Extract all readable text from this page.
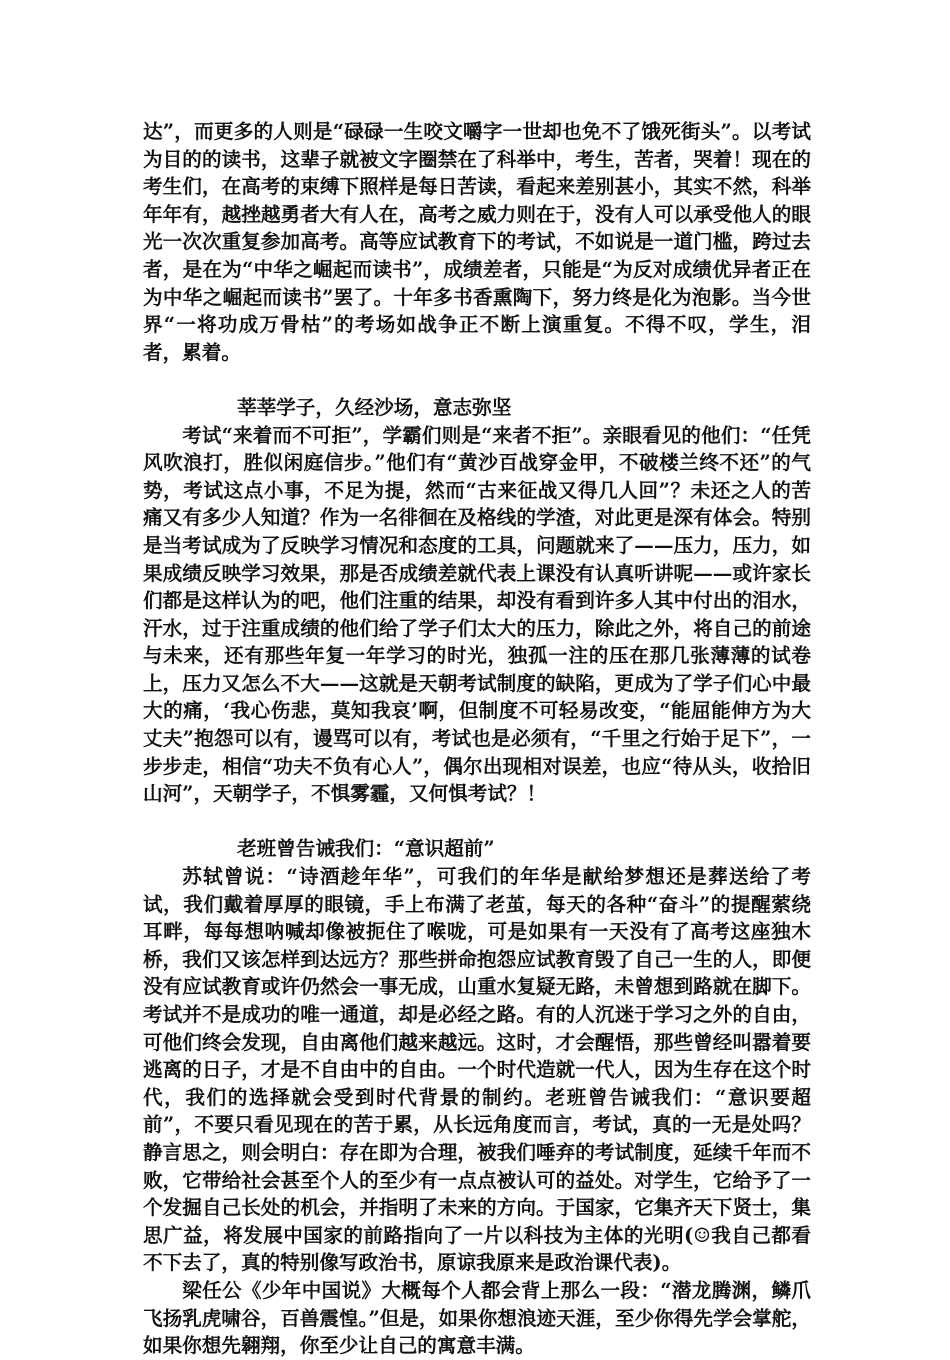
达”，而更多的人则是“碌碌一生咬文嚼字一世却也免不了饿死街头”。以考试为目的的读书，这辈子就被文字圈禁在了科举中，考生，苦者，哭着！现在的考生们，在高考的束缚下照样是每日苦读，看起来差别甚小，其实不然，科举年年有，越挫越勇者大有人在，高考之威力则在于，没有人可以承受他人的眼光一次次重复参加高考。高等应试教育下的考试，不如说是一道门槛，跨过去者，是在为“中华之崛起而读书”，成绩差者，只能是“为反对成绩优异者正在为中华之崛起而读书”罢了。十年多书香熏陶下，努力终是化为泡影。当今世界“一将功成万骨枯”的考场如战争正不断上演重复。不得不叹，学生，泪者，累着。

莘莘学子，久经沙场，意志弥坚

考试“来着而不可拒”，学霸们则是“来者不拒”。亲眼看见的他们：“任凭风吹浪打，胜似闲庭信步。”他们有“黄沙百战穿金甲，不破楼兰终不还”的气势，考试这点小事，不足为提，然而“古来征战又得几人回”？未还之人的苦痛又有多少人知道？作为一名徘徊在及格线的学渣，对此更是深有体会。特别是当考试成为了反映学习情况和态度的工具，问题就来了——压力，压力，如果成绩反映学习效果，那是否成绩差就代表上课没有认真听讲呢——或许家长们都是这样认为的吧，他们注重的结果，却没有看到许多人其中付出的泪水，汗水，过于注重成绩的他们给了学子们太大的压力，除此之外，将自己的前途与未来，还有那些年复一年学习的时光，独孤一注的压在那几张薄薄的试卷上，压力又怎么不大——这就是天朝考试制度的缺陷，更成为了学子们心中最大的痛，‘我心伤悲，莫知我哀’啊，但制度不可轻易改变，“能屈能伸方为大丈夫”抱怨可以有，谩骂可以有，考试也是必须有，“千里之行始于足下”，一步步走，相信“功夫不负有心人”，偶尔出现相对误差，也应“待从头，收拾旧山河”，天朝学子，不惧雾霾，又何惧考试？！

老班曾告诫我们：“意识超前”

苏轼曾说：“诗酒趁年华”，可我们的年华是献给梦想还是葬送给了考试，我们戴着厚厚的眼镜，手上布满了老茧，每天的各种“奋斗”的提醒萦绕耳畔，每每想呐喊却像被扼住了喉咙，可是如果有一天没有了高考这座独木桥，我们又该怎样到达远方？那些拼命抱怨应试教育毁了自己一生的人，即便没有应试教育或许仍然会一事无成，山重水复疑无路，未曾想到路就在脚下。考试并不是成功的唯一通道，却是必经之路。有的人沉迷于学习之外的自由，可他们终会发现，自由离他们越来越远。这时，才会醒悟，那些曾经叫嚣着要逃离的日子，才是不自由中的自由。一个时代造就一代人，因为生存在这个时代，我们的选择就会受到时代背景的制约。老班曾告诫我们：“意识要超前”，不要只看见现在的苦于累，从长远角度而言，考试，真的一无是处吗？静言思之，则会明白：存在即为合理，被我们唾弃的考试制度，延续千年而不败，它带给社会甚至个人的至少有一点点被认可的益处。对学生，它给予了一个发掘自己长处的机会，并指明了未来的方向。于国家，它集齐天下贤士，集思广益，将发展中国家的前路指向了一片以科技为主体的光明(☺我自己都看不下去了，真的特别像写政治书，原谅我原来是政治课代表)。

梁任公《少年中国说》大概每个人都会背上那么一段：“潜龙腾渊，鳞爪飞扬乳虎啸谷，百兽震惶。”但是，如果你想浪迹天涯，至少你得先学会掌舵，如果你想先翱翔，你至少让自己的寓意丰满。
